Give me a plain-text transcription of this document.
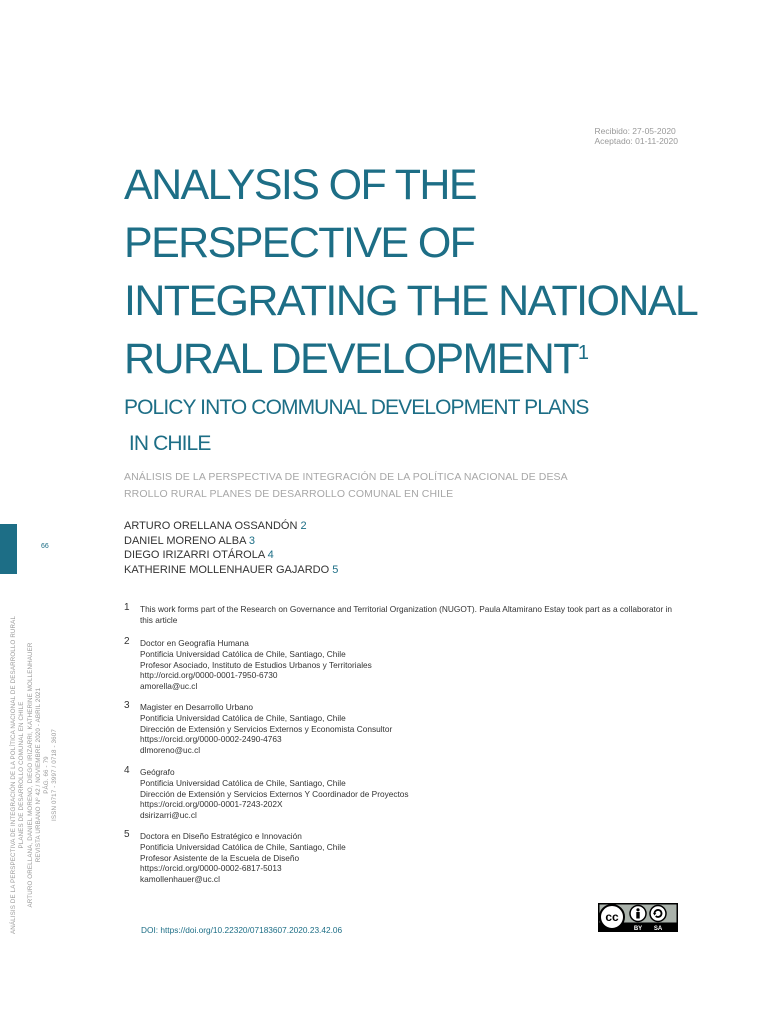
66
ANÁLISIS DE LA PERSPECTIVA DE INTEGRACIÓN DE LA POLÍTICA NACIONAL DE DESARROLLO RURAL PLANES DE DESARROLLO COMUNAL EN CHILE ARTURO ORELLANA, DANIEL MORENO, DIEGO IRIZARRI, KATHERINE MOLLENHAUER REVISTA URBANO Nº 42 / NOVIEMBRE 2020 - ABRIL 2021 PÁG. 66 - 79 ISSN 0717 - 3997 / 0718 - 3607
Recibido: 27-05-2020
Aceptado: 01-11-2020
ANALYSIS OF THE
PERSPECTIVE OF
INTEGRATING THE NATIONAL
RURAL DEVELOPMENT$^1$
POLICY INTO COMMUNAL DEVELOPMENT PLANS
IN CHILE
ANÁLISIS DE LA PERSPECTIVA DE INTEGRACIÓN DE LA POLÍTICA NACIONAL DE DESA
RROLLO RURAL PLANES DE DESARROLLO COMUNAL EN CHILE
ARTURO ORELLANA OSSANDÓN 2
DANIEL MORENO ALBA 3
DIEGO IRIZARRI OTÁROLA 4
KATHERINE MOLLENHAUER GAJARDO 5
1 This work forms part of the Research on Governance and Territorial Organization (NUGOT). Paula Altamirano Estay took part as a collaborator in this article
2 Doctor en Geografía Humana
Pontificia Universidad Católica de Chile, Santiago, Chile
Profesor Asociado, Instituto de Estudios Urbanos y Territoriales
http://orcid.org/0000-0001-7950-6730
amorella@uc.cl
3 Magister en Desarrollo Urbano
Pontificia Universidad Católica de Chile, Santiago, Chile
Dirección de Extensión y Servicios Externos y Economista Consultor
https://orcid.org/0000-0002-2490-4763
dlmoreno@uc.cl
4 Geógrafo
Pontificia Universidad Católica de Chile, Santiago, Chile
Dirección de Extensión y Servicios Externos Y Coordinador de Proyectos
https://orcid.org/0000-0001-7243-202X
dsirizarri@uc.cl
5 Doctora en Diseño Estratégico e Innovación
Pontificia Universidad Católica de Chile, Santiago, Chile
Profesor Asistente de la Escuela de Diseño
https://orcid.org/0000-0002-6817-5013
kamollenhauer@uc.cl
DOI: https://doi.org/10.22320/07183607.2020.23.42.06
cc
BY SA
